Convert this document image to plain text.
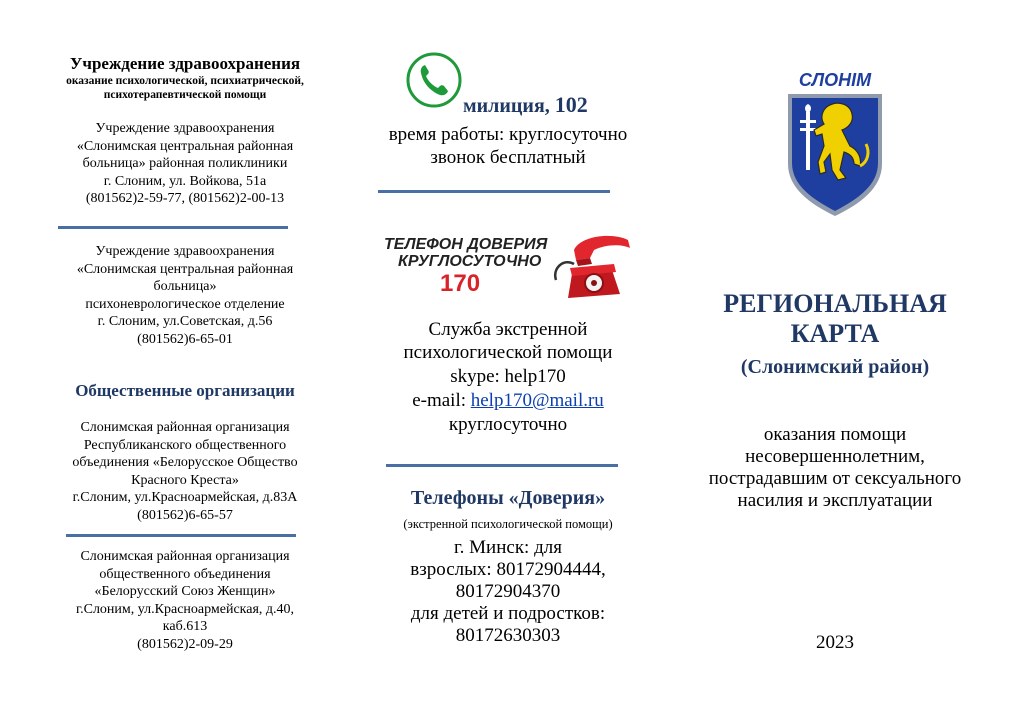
Учреждение здравоохранения
оказание психологической, психиатрической, психотерапевтической помощи
Учреждение здравоохранения
«Слонимская центральная районная
больница» районная поликлиники
г. Слоним, ул. Войкова, 51а
(801562)2-59-77, (801562)2-00-13
Учреждение здравоохранения
«Слонимская центральная районная
больница»
психоневрологическое отделение
г. Слоним, ул.Советская, д.56
(801562)6-65-01
Общественные организации
Слонимская районная организация
Республиканского общественного
объединения «Белорусское Общество
Красного Креста»
г.Слоним, ул.Красноармейская, д.83А
(801562)6-65-57
Слонимская районная организация
общественного объединения
«Белорусский Союз Женщин»
г.Слоним, ул.Красноармейская, д.40,
каб.613
(801562)2-09-29
милиция, 102
время работы: круглосуточно
звонок бесплатный
ТЕЛЕФОН ДОВЕРИЯ
КРУГЛОСУТОЧНО
170
Служба экстренной
психологической помощи
skype: help170
e-mail: help170@mail.ru
круглосуточно
Телефоны «Доверия»
(экстренной психологической помощи)
г. Минск: для
взрослых: 80172904444,
80172904370
для детей и подростков:
80172630303
СЛОНIМ
РЕГИОНАЛЬНАЯ
КАРТА
(Слонимский район)
оказания помощи
несовершеннолетним,
пострадавшим от сексуального
насилия и эксплуатации
2023
